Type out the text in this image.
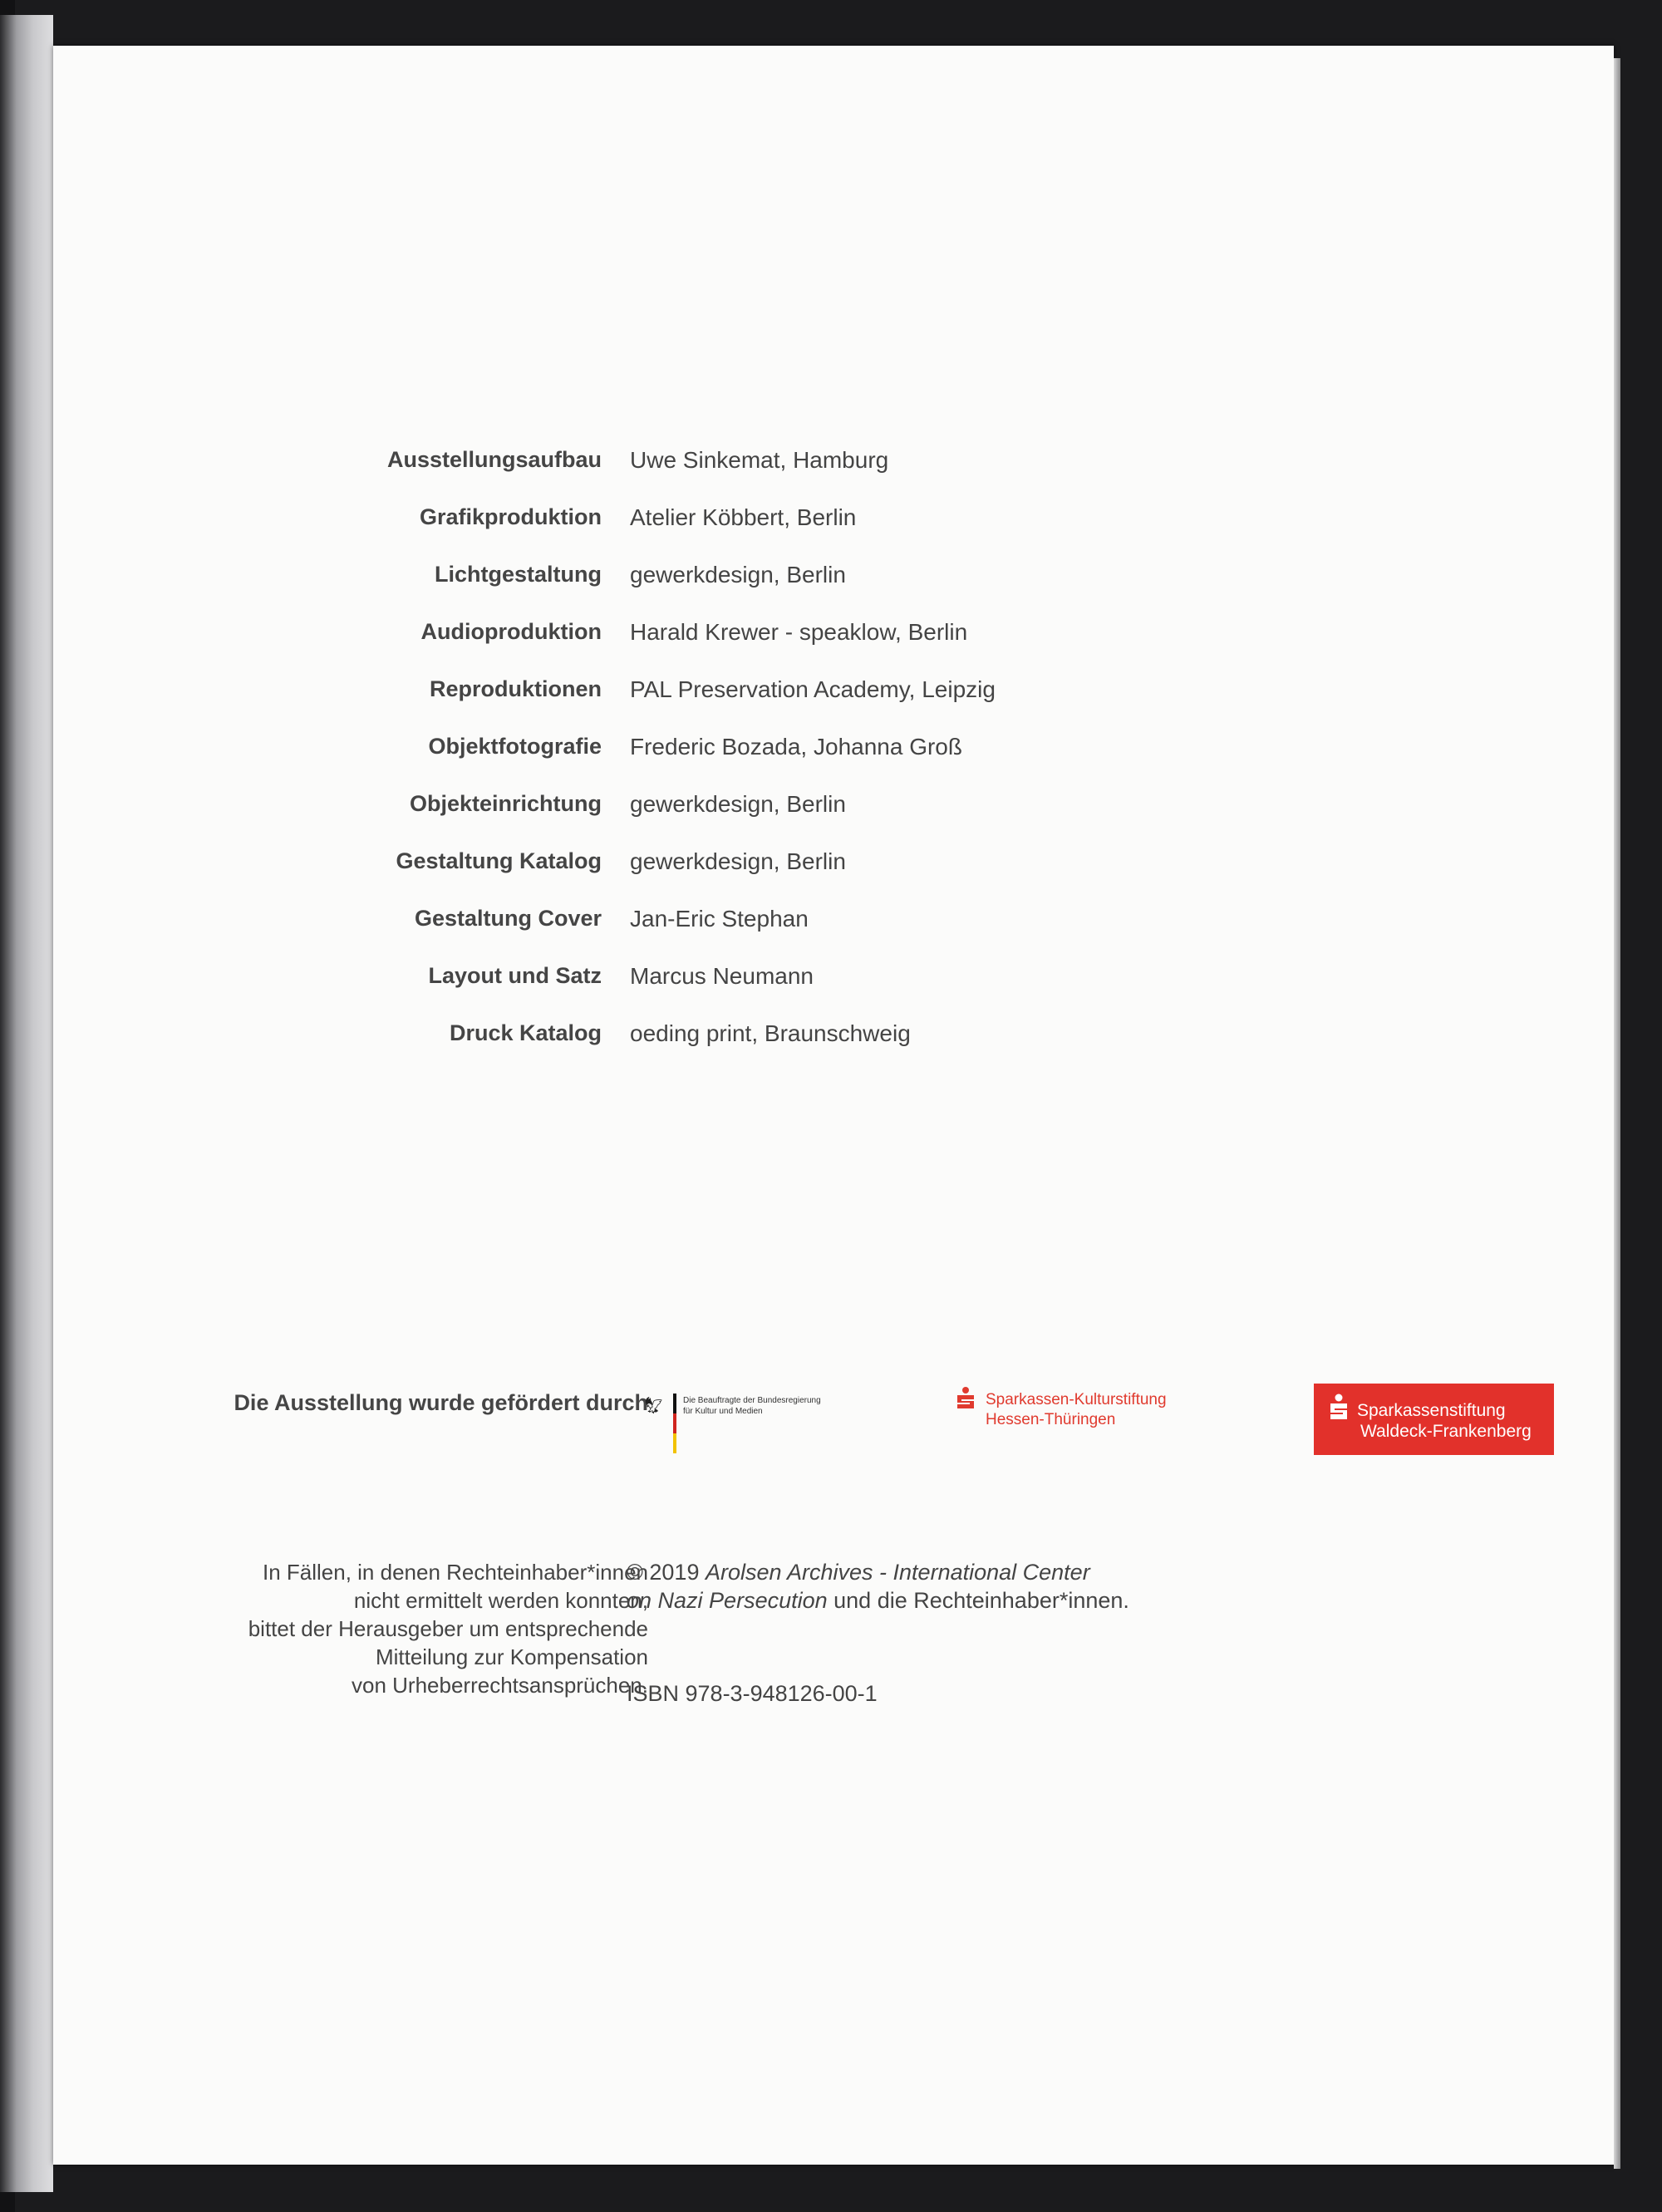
Ausstellungsaufbau Uwe Sinkemat, Hamburg
Grafikproduktion Atelier Köbbert, Berlin
Lichtgestaltung gewerkdesign, Berlin
Audioproduktion Harald Krewer - speaklow, Berlin
Reproduktionen PAL Preservation Academy, Leipzig
Objektfotografie Frederic Bozada, Johanna Groß
Objekteinrichtung gewerkdesign, Berlin
Gestaltung Katalog gewerkdesign, Berlin
Gestaltung Cover Jan-Eric Stephan
Layout und Satz Marcus Neumann
Druck Katalog oeding print, Braunschweig
Die Ausstellung wurde gefördert durch
🦅︎ Die Beauftragte der Bundesregierung
für Kultur und Medien
Sparkassen-Kulturstiftung
Hessen-Thüringen	Sparkassenstiftung
Waldeck-Frankenberg
In Fällen, in denen Rechteinhaber*innen
nicht ermittelt werden konnten,
bittet der Herausgeber um entsprechende
Mitteilung zur Kompensation
von Urheberrechtsansprüchen.
© 2019 Arolsen Archives - International Center
on Nazi Persecution und die Rechteinhaber*innen.
ISBN 978-3-948126-00-1
